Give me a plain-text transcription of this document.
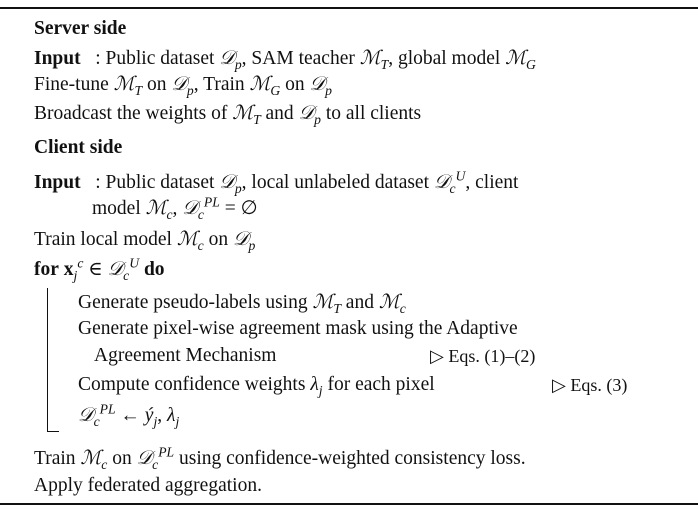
Server side
Input   : Public dataset 𝒟$_p$, SAM teacher ℳ$_T$, global model ℳ$_G$
Fine-tune ℳ$_T$ on 𝒟$_p$, Train ℳ$_G$ on 𝒟$_p$
Broadcast the weights of ℳ$_T$ and 𝒟$_p$ to all clients
Client side
Input   : Public dataset 𝒟$_p$, local unlabeled dataset 𝒟$_c^U$, client
model ℳ$_c$, 𝒟$_c^{PL}$ = ∅
Train local model ℳ$_c$ on 𝒟$_p$
for $x_j^c$ ∈ 𝒟$_c^U$ do
Generate pseudo-labels using ℳ$_T$ and ℳ$_c$
Generate pixel-wise agreement mask using the Adaptive
Agreement Mechanism	▷ Eqs. (1)–(2)
Compute confidence weights $\lambda_j$ for each pixel	▷ Eqs. (3)
𝒟$_c^{PL}$ ← $ý_j$, $\lambda_j$
Train ℳ$_c$ on 𝒟$_c^{PL}$ using confidence-weighted consistency loss.
Apply federated aggregation.
